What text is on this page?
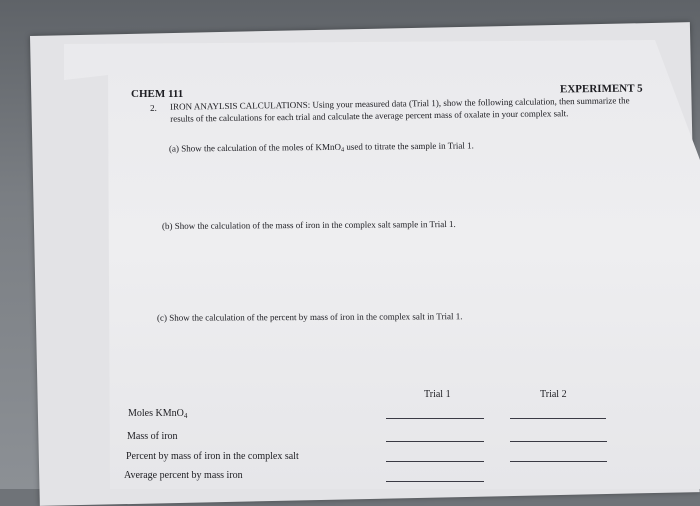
CHEM 111	EXPERIMENT 5
2.	IRON ANAYLSIS CALCULATIONS: Using your measured data (Trial 1), show the following calculation, then summarize the results of the calculations for each trial and calculate the average percent mass of oxalate in your complex salt.
(a) Show the calculation of the moles of KMnO$_4$ used to titrate the sample in Trial 1.
(b) Show the calculation of the mass of iron in the complex salt sample in Trial 1.
(c) Show the calculation of the percent by mass of iron in the complex salt in Trial 1.
Trial 1	Trial 2
Moles KMnO$_4$
Mass of iron
Percent by mass of iron in the complex salt
Average percent by mass iron
